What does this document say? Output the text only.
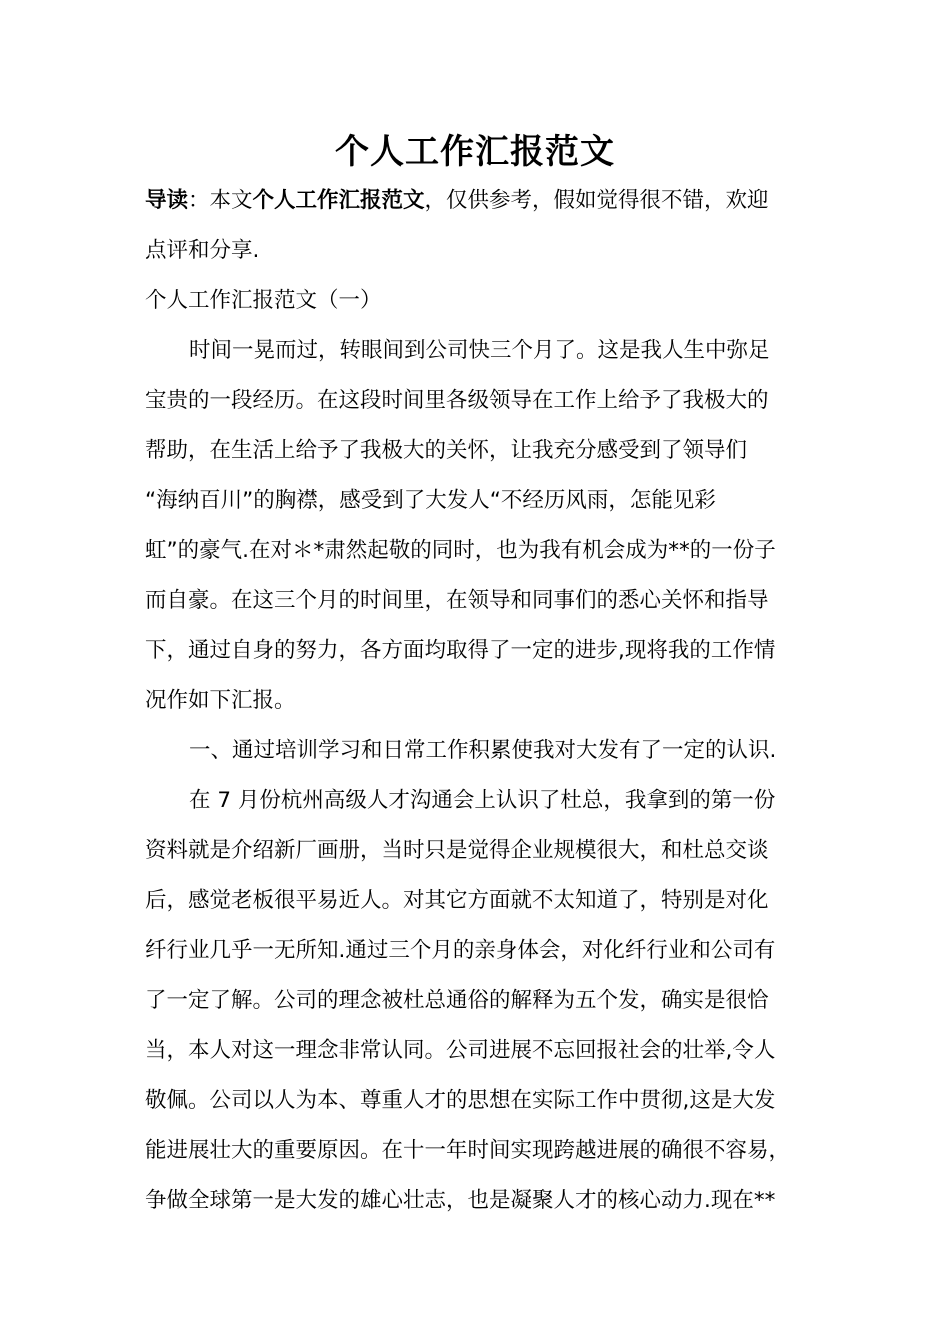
个人工作汇报范文
导读：本文个人工作汇报范文，仅供参考，假如觉得很不错，欢迎
点评和分享.
个人工作汇报范文（一）
时间一晃而过，转眼间到公司快三个月了。这是我人生中弥足
宝贵的一段经历。在这段时间里各级领导在工作上给予了我极大的
帮助，在生活上给予了我极大的关怀，让我充分感受到了领导们
“海纳百川”的胸襟，感受到了大发人“不经历风雨，怎能见彩
虹”的豪气.在对＊*肃然起敬的同时，也为我有机会成为**的一份子
而自豪。在这三个月的时间里，在领导和同事们的悉心关怀和指导
下，通过自身的努力，各方面均取得了一定的进步,现将我的工作情
况作如下汇报。
一、通过培训学习和日常工作积累使我对大发有了一定的认识.
在 7 月份杭州高级人才沟通会上认识了杜总，我拿到的第一份
资料就是介绍新厂画册，当时只是觉得企业规模很大，和杜总交谈
后，感觉老板很平易近人。对其它方面就不太知道了，特别是对化
纤行业几乎一无所知.通过三个月的亲身体会，对化纤行业和公司有
了一定了解。公司的理念被杜总通俗的解释为五个发，确实是很恰
当，本人对这一理念非常认同。公司进展不忘回报社会的壮举,令人
敬佩。公司以人为本、尊重人才的思想在实际工作中贯彻,这是大发
能进展壮大的重要原因。在十一年时间实现跨越进展的确很不容易，
争做全球第一是大发的雄心壮志，也是凝聚人才的核心动力.现在**
